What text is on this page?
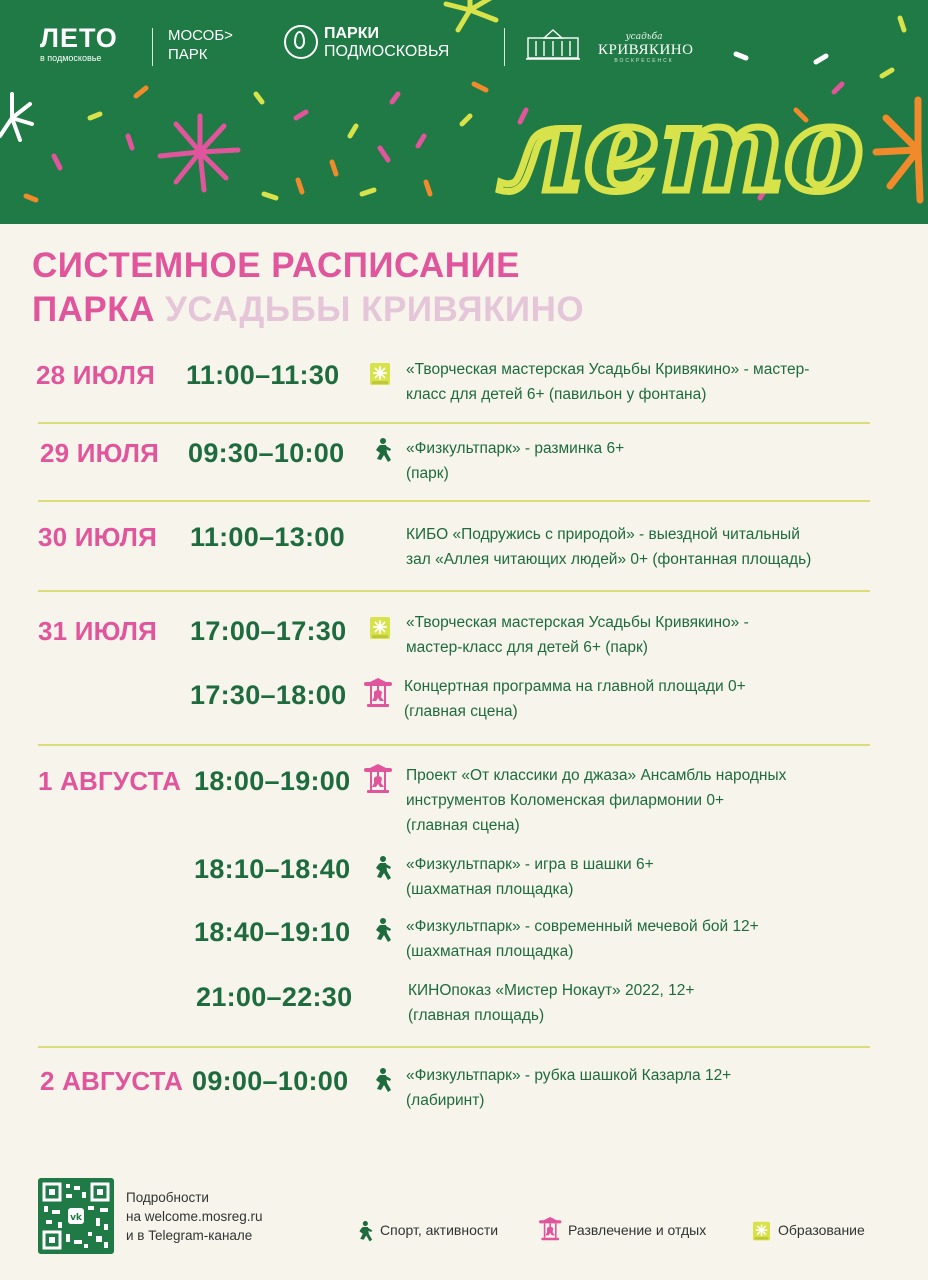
лето
ЛЕТО
в подмосковье
МОСОБ>
ПАРК
ПАРКИ
ПОДМОСКОВЬЯ
усадьба
КРИВЯКИНО
ВОСКРЕСЕНСК
СИСТЕМНОЕ РАСПИСАНИЕ
ПАРКА УСАДЬБЫ КРИВЯКИНО
28 ИЮЛЯ 11:00–11:30	«Творческая мастерская Усадьбы Кривякино» - мастер-
класс для детей 6+ (павильон у фонтана)
29 ИЮЛЯ 09:30–10:00	«Физкультпарк» - разминка 6+
(парк)
30 ИЮЛЯ 11:00–13:00	КИБО «Подружись с природой» - выездной читальный
зал «Аллея читающих людей» 0+ (фонтанная площадь)
31 ИЮЛЯ 17:00–17:30	«Творческая мастерская Усадьбы Кривякино» -
мастер-класс для детей 6+ (парк)
17:30–18:00	Концертная программа на главной площади 0+
(главная сцена)
1 АВГУСТА 18:00–19:00	Проект «От классики до джаза» Ансамбль народных
инструментов Коломенская филармонии 0+
(главная сцена)
18:10–18:40	«Физкультпарк» - игра в шашки 6+
(шахматная площадка)
18:40–19:10	«Физкультпарк» - современный мечевой бой 12+
(шахматная площадка)
21:00–22:30	КИНОпоказ «Мистер Нокаут» 2022, 12+
(главная площадь)
2 АВГУСТА 09:00–10:00	«Физкультпарк» - рубка шашкой Казарла 12+
(лабиринт)
vk
Подробности
на welcome.mosreg.ru
и в Telegram-канале	Спорт, активности	Развлечение и отдых	Образование
